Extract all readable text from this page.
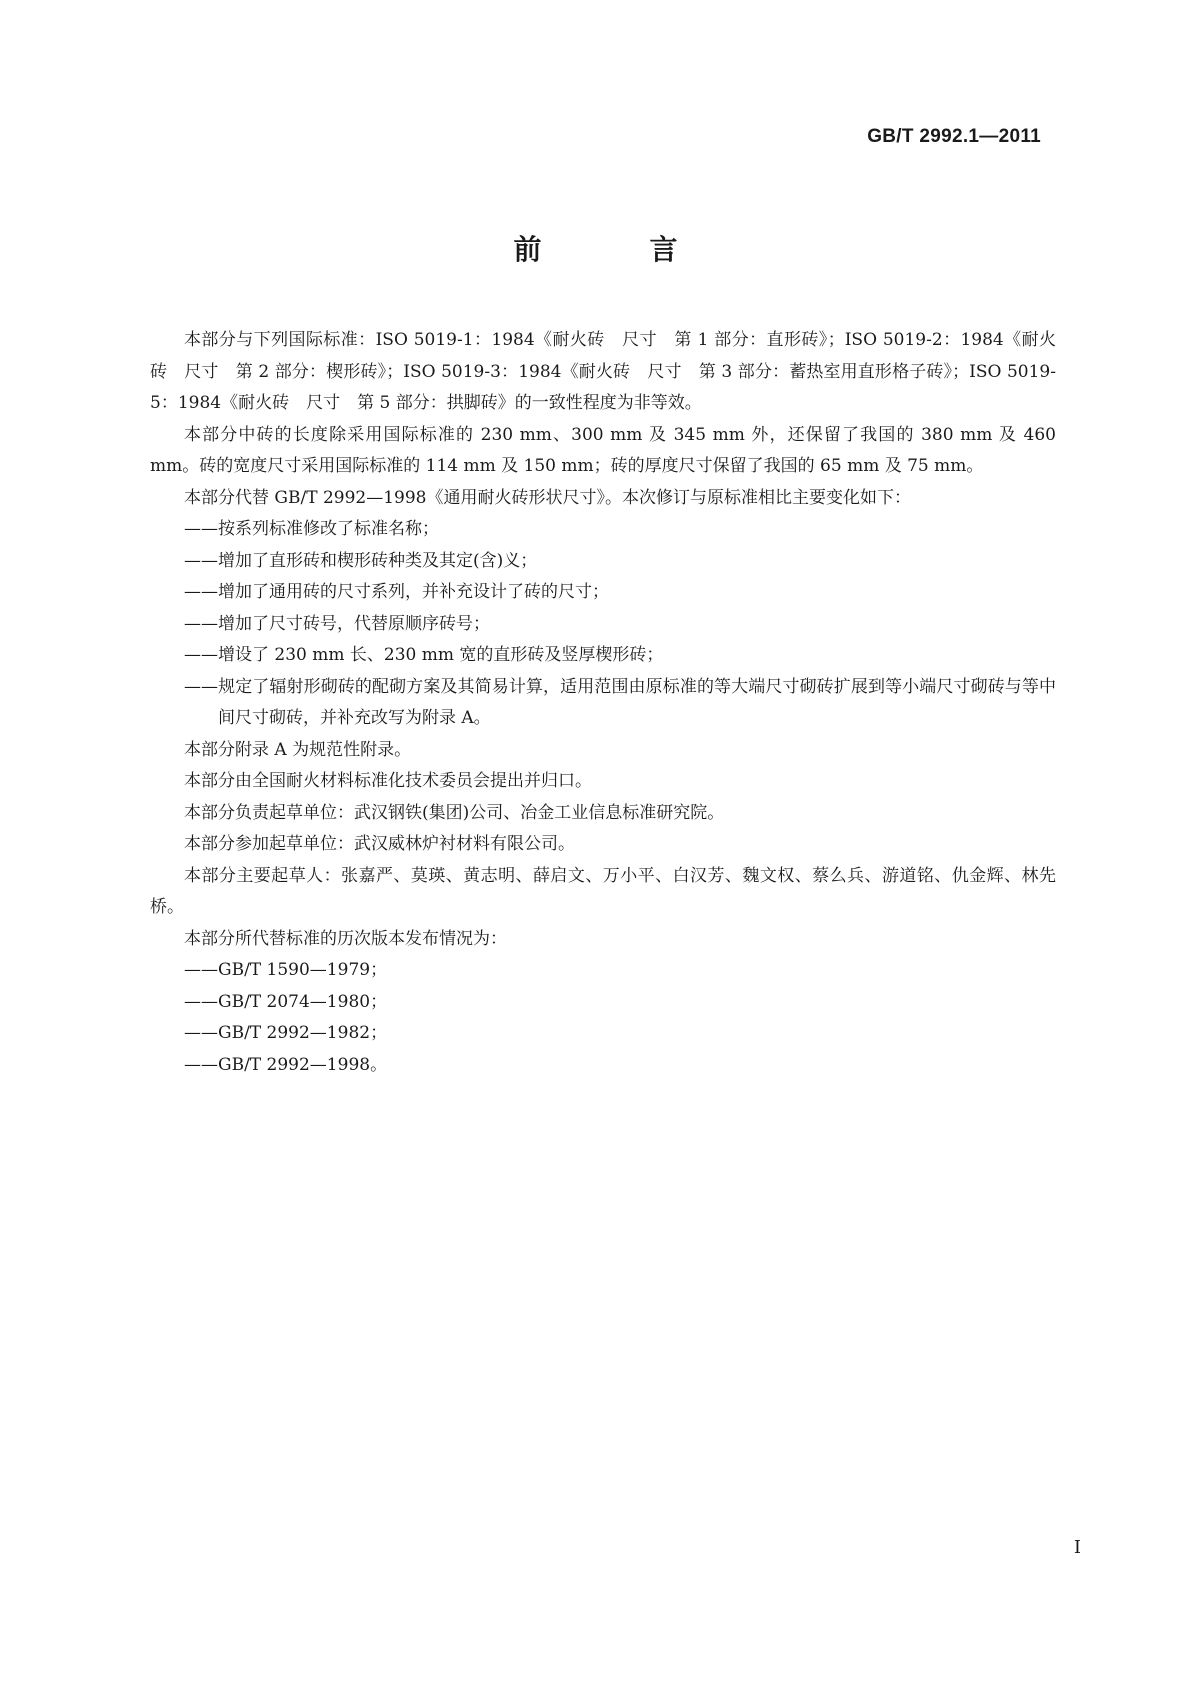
GB/T 2992.1—2011
前　言

本部分与下列国际标准：ISO 5019-1：1984《耐火砖　尺寸　第 1 部分：直形砖》；ISO 5019-2：1984《耐火砖　尺寸　第 2 部分：楔形砖》；ISO 5019-3：1984《耐火砖　尺寸　第 3 部分：蓄热室用直形格子砖》；ISO 5019-5：1984《耐火砖　尺寸　第 5 部分：拱脚砖》的一致性程度为非等效。

本部分中砖的长度除采用国际标准的 230 mm、300 mm 及 345 mm 外，还保留了我国的 380 mm 及 460 mm。砖的宽度尺寸采用国际标准的 114 mm 及 150 mm；砖的厚度尺寸保留了我国的 65 mm 及 75 mm。

本部分代替 GB/T 2992—1998《通用耐火砖形状尺寸》。本次修订与原标准相比主要变化如下：

——按系列标准修改了标准名称；

——增加了直形砖和楔形砖种类及其定(含)义；

——增加了通用砖的尺寸系列，并补充设计了砖的尺寸；

——增加了尺寸砖号，代替原顺序砖号；

——增设了 230 mm 长、230 mm 宽的直形砖及竖厚楔形砖；

——规定了辐射形砌砖的配砌方案及其简易计算，适用范围由原标准的等大端尺寸砌砖扩展到等小端尺寸砌砖与等中间尺寸砌砖，并补充改写为附录 A。

本部分附录 A 为规范性附录。

本部分由全国耐火材料标准化技术委员会提出并归口。

本部分负责起草单位：武汉钢铁(集团)公司、冶金工业信息标准研究院。

本部分参加起草单位：武汉威林炉衬材料有限公司。

本部分主要起草人：张嘉严、莫瑛、黄志明、薛启文、万小平、白汉芳、魏文权、蔡么兵、游道铭、仇金辉、林先桥。

本部分所代替标准的历次版本发布情况为：

——GB/T 1590—1979；

——GB/T 2074—1980；

——GB/T 2992—1982；

——GB/T 2992—1998。

Ⅰ
